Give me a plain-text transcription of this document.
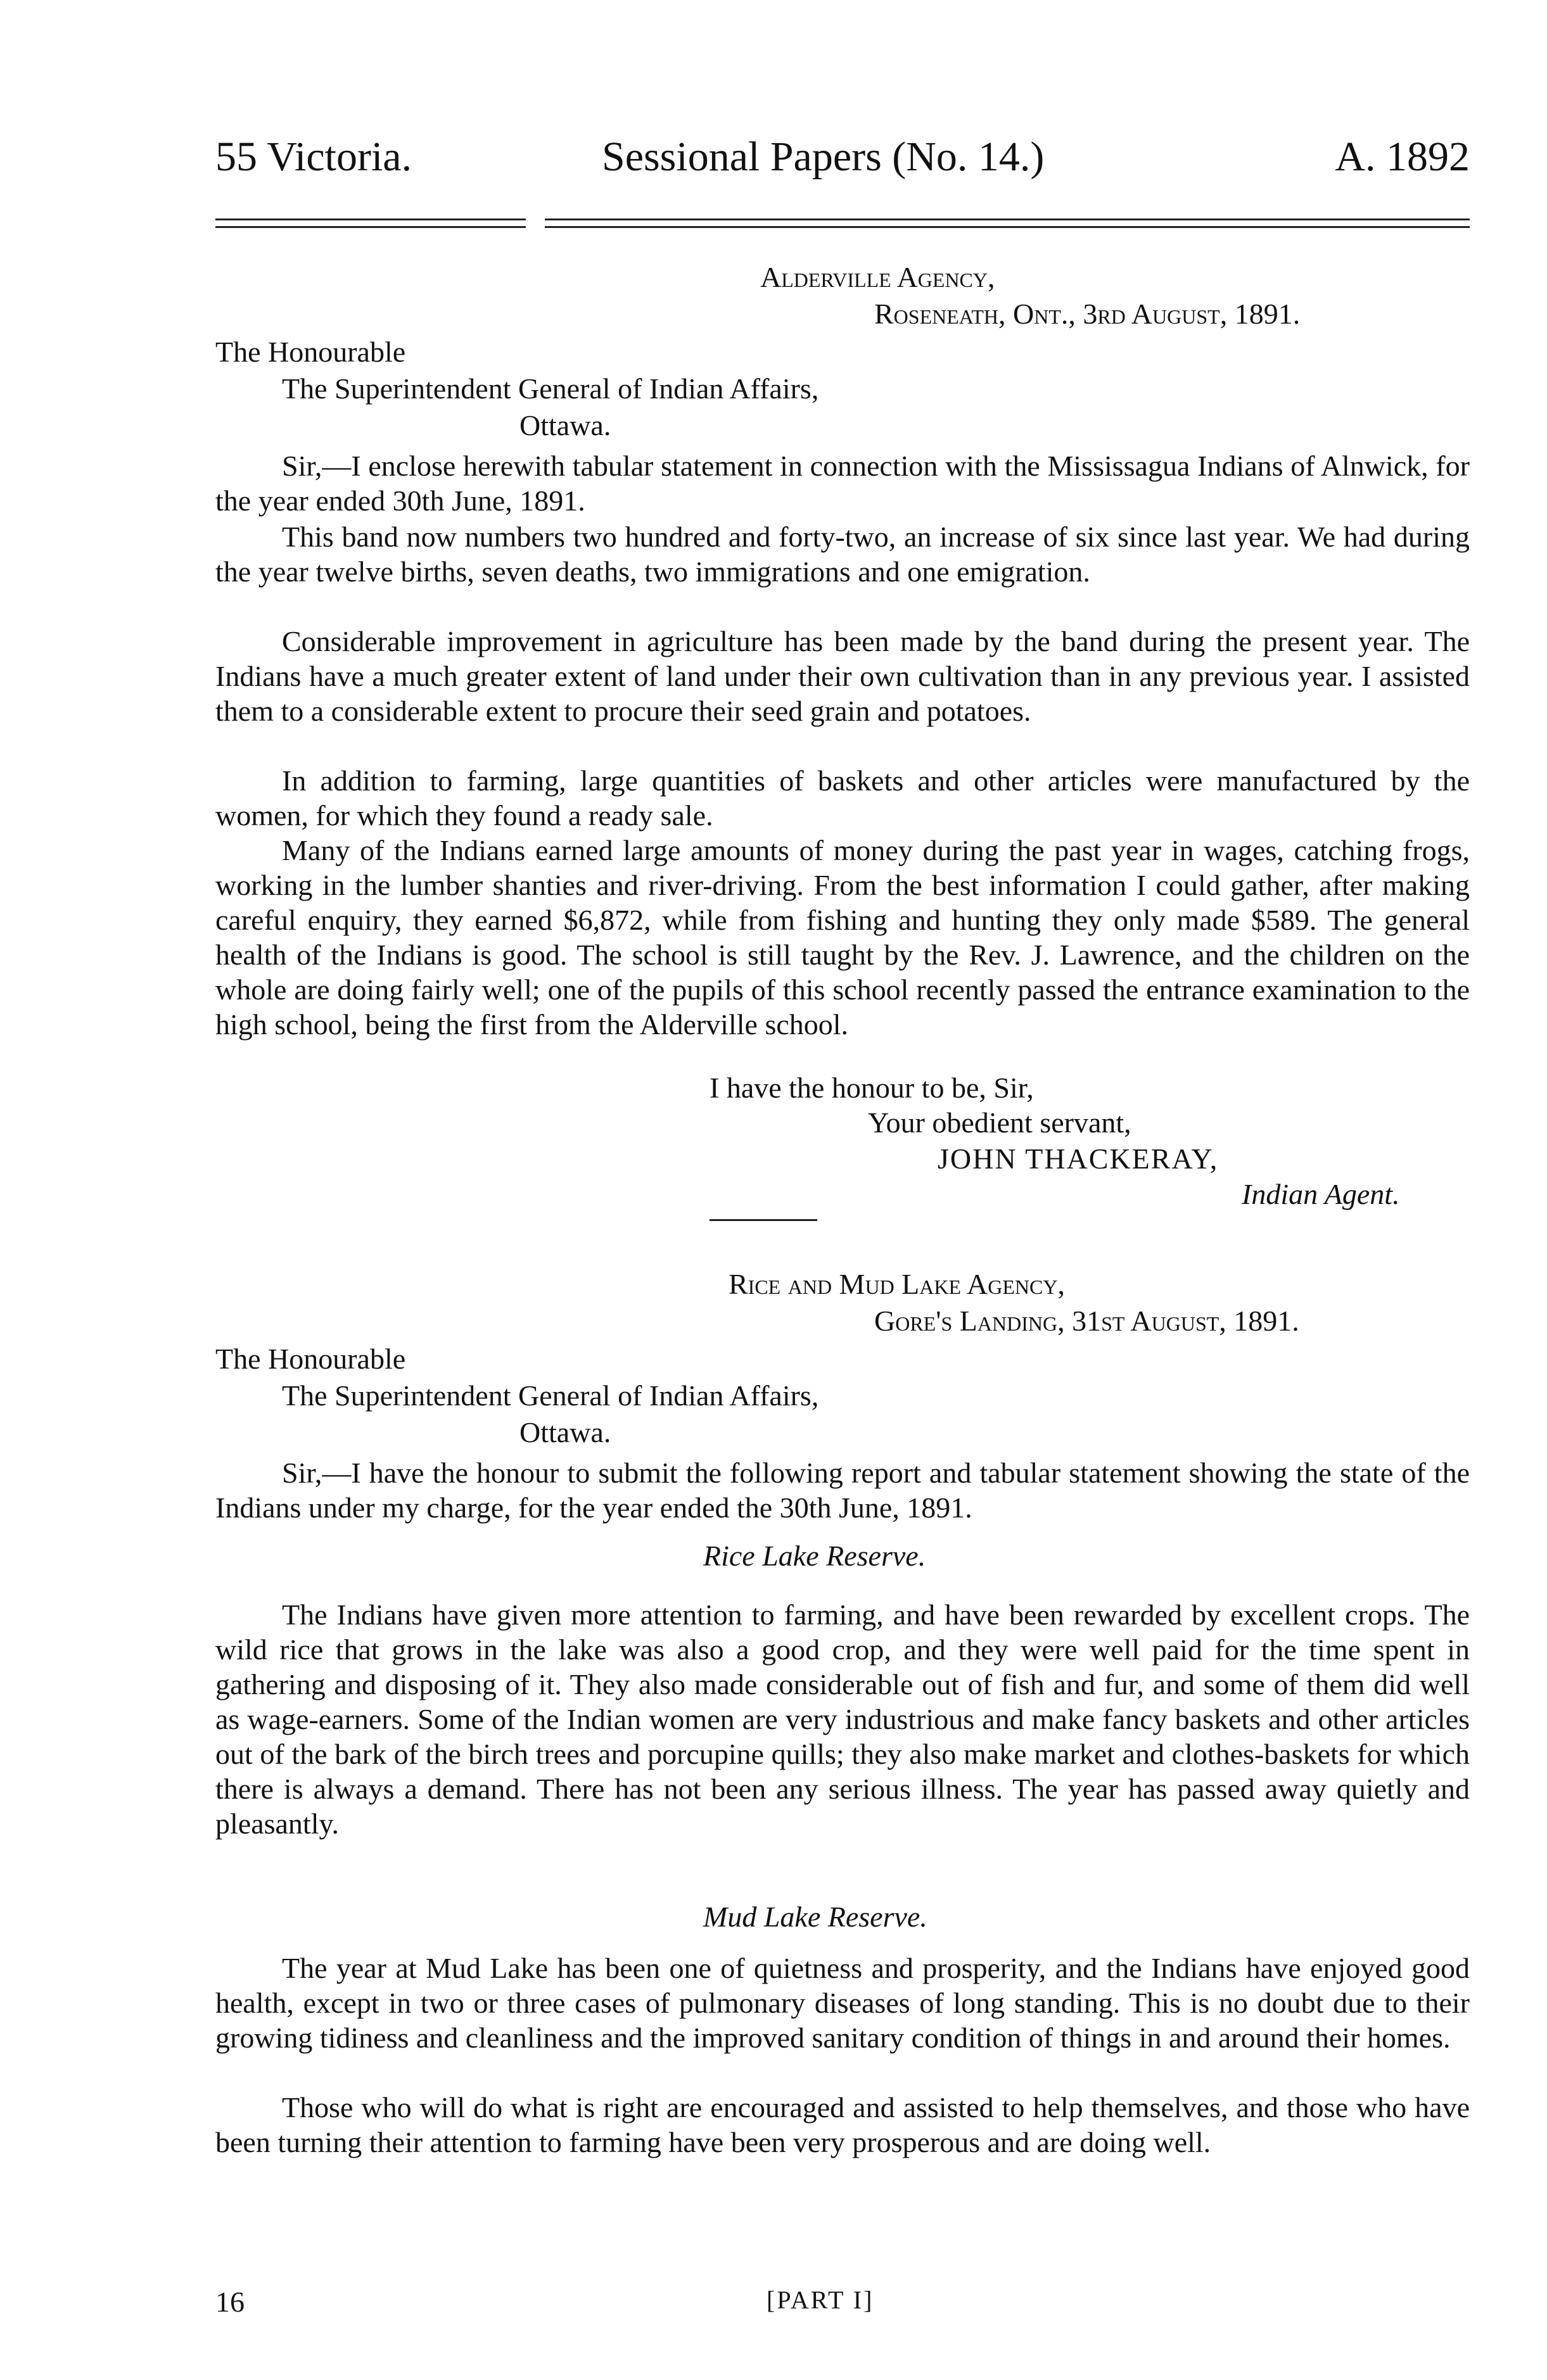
55 Victoria.	Sessional Papers (No. 14.)	A. 1892
Alderville Agency,
Roseneath, Ont., 3rd August, 1891.
The Honourable
The Superintendent General of Indian Affairs,
Ottawa.
Sir,—I enclose herewith tabular statement in connection with the Mississagua Indians of Alnwick, for the year ended 30th June, 1891.
This band now numbers two hundred and forty-two, an increase of six since last year. We had during the year twelve births, seven deaths, two immigrations and one emigration.
Considerable improvement in agriculture has been made by the band during the present year. The Indians have a much greater extent of land under their own cultivation than in any previous year. I assisted them to a considerable extent to procure their seed grain and potatoes.
In addition to farming, large quantities of baskets and other articles were manufactured by the women, for which they found a ready sale.
Many of the Indians earned large amounts of money during the past year in wages, catching frogs, working in the lumber shanties and river-driving. From the best information I could gather, after making careful enquiry, they earned $6,872, while from fishing and hunting they only made $589. The general health of the Indians is good. The school is still taught by the Rev. J. Lawrence, and the children on the whole are doing fairly well; one of the pupils of this school recently passed the entrance examination to the high school, being the first from the Alderville school.
I have the honour to be, Sir,
Your obedient servant,
JOHN THACKERAY,
Indian Agent.
Rice and Mud Lake Agency,
Gore's Landing, 31st August, 1891.
The Honourable
The Superintendent General of Indian Affairs,
Ottawa.
Sir,—I have the honour to submit the following report and tabular statement showing the state of the Indians under my charge, for the year ended the 30th June, 1891.
Rice Lake Reserve.
The Indians have given more attention to farming, and have been rewarded by excellent crops. The wild rice that grows in the lake was also a good crop, and they were well paid for the time spent in gathering and disposing of it. They also made considerable out of fish and fur, and some of them did well as wage-earners. Some of the Indian women are very industrious and make fancy baskets and other articles out of the bark of the birch trees and porcupine quills; they also make market and clothes-baskets for which there is always a demand. There has not been any serious illness. The year has passed away quietly and pleasantly.
Mud Lake Reserve.
The year at Mud Lake has been one of quietness and prosperity, and the Indians have enjoyed good health, except in two or three cases of pulmonary diseases of long standing. This is no doubt due to their growing tidiness and cleanliness and the improved sanitary condition of things in and around their homes.
Those who will do what is right are encouraged and assisted to help themselves, and those who have been turning their attention to farming have been very prosperous and are doing well.
16	[PART I]
